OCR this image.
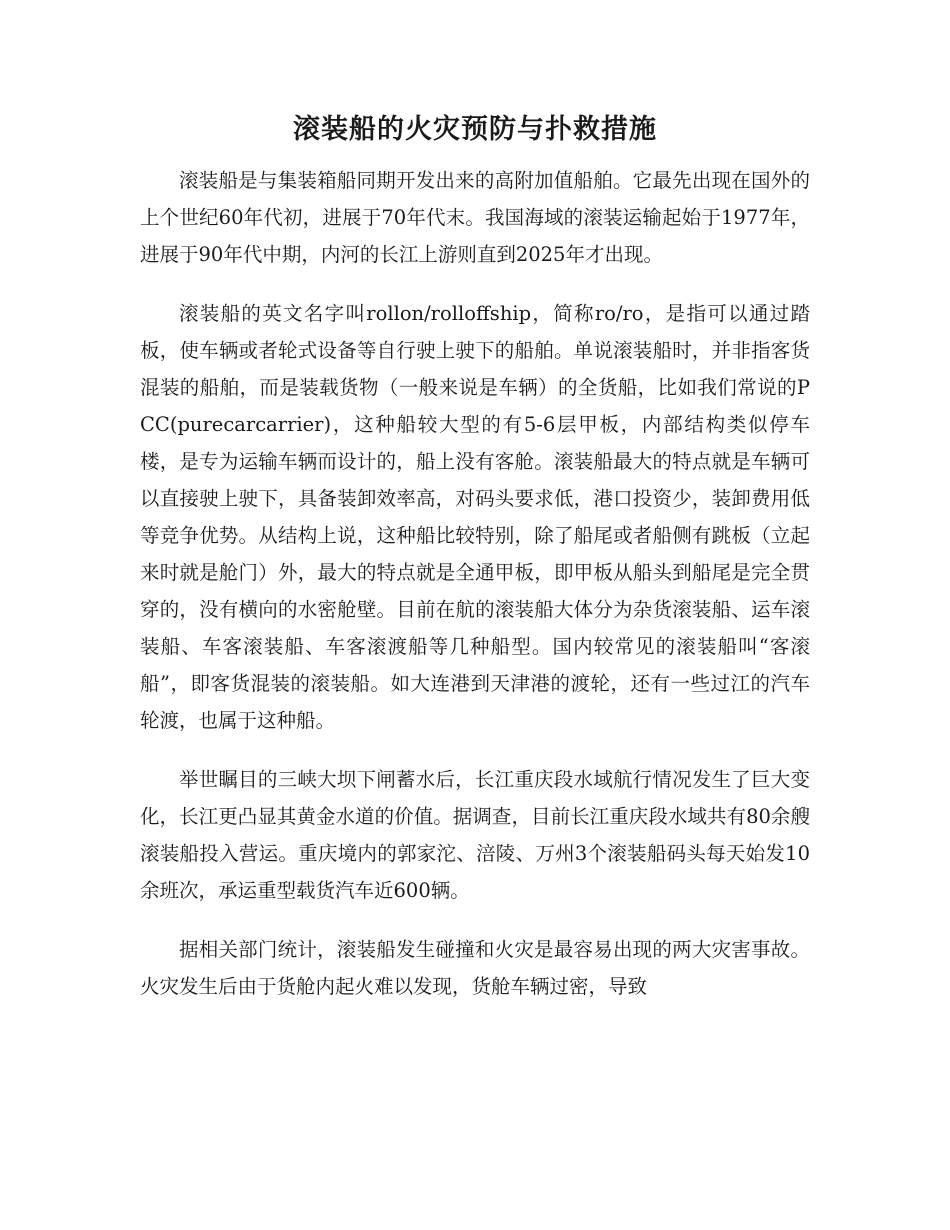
滚装船的火灾预防与扑救措施

滚装船是与集装箱船同期开发出来的高附加值船舶。它最先出现在国外的上个世纪60年代初，进展于70年代末。我国海域的滚装运输起始于1977年，进展于90年代中期，内河的长江上游则直到2025年才出现。

滚装船的英文名字叫rollon/rolloffship，简称ro/ro，是指可以通过踏板，使车辆或者轮式设备等自行驶上驶下的船舶。单说滚装船时，并非指客货混装的船舶，而是装载货物（一般来说是车辆）的全货船，比如我们常说的PCC(purecarcarrier)，这种船较大型的有5-6层甲板，内部结构类似停车楼，是专为运输车辆而设计的，船上没有客舱。滚装船最大的特点就是车辆可以直接驶上驶下，具备装卸效率高，对码头要求低，港口投资少，装卸费用低等竞争优势。从结构上说，这种船比较特别，除了船尾或者船侧有跳板（立起来时就是舱门）外，最大的特点就是全通甲板，即甲板从船头到船尾是完全贯穿的，没有横向的水密舱壁。目前在航的滚装船大体分为杂货滚装船、运车滚装船、车客滚装船、车客滚渡船等几种船型。国内较常见的滚装船叫“客滚船”，即客货混装的滚装船。如大连港到天津港的渡轮，还有一些过江的汽车轮渡，也属于这种船。

举世瞩目的三峡大坝下闸蓄水后，长江重庆段水域航行情况发生了巨大变化，长江更凸显其黄金水道的价值。据调查，目前长江重庆段水域共有80余艘滚装船投入营运。重庆境内的郭家沱、涪陵、万州3个滚装船码头每天始发10余班次，承运重型载货汽车近600辆。

据相关部门统计，滚装船发生碰撞和火灾是最容易出现的两大灾害事故。火灾发生后由于货舱内起火难以发现，货舱车辆过密，导致
